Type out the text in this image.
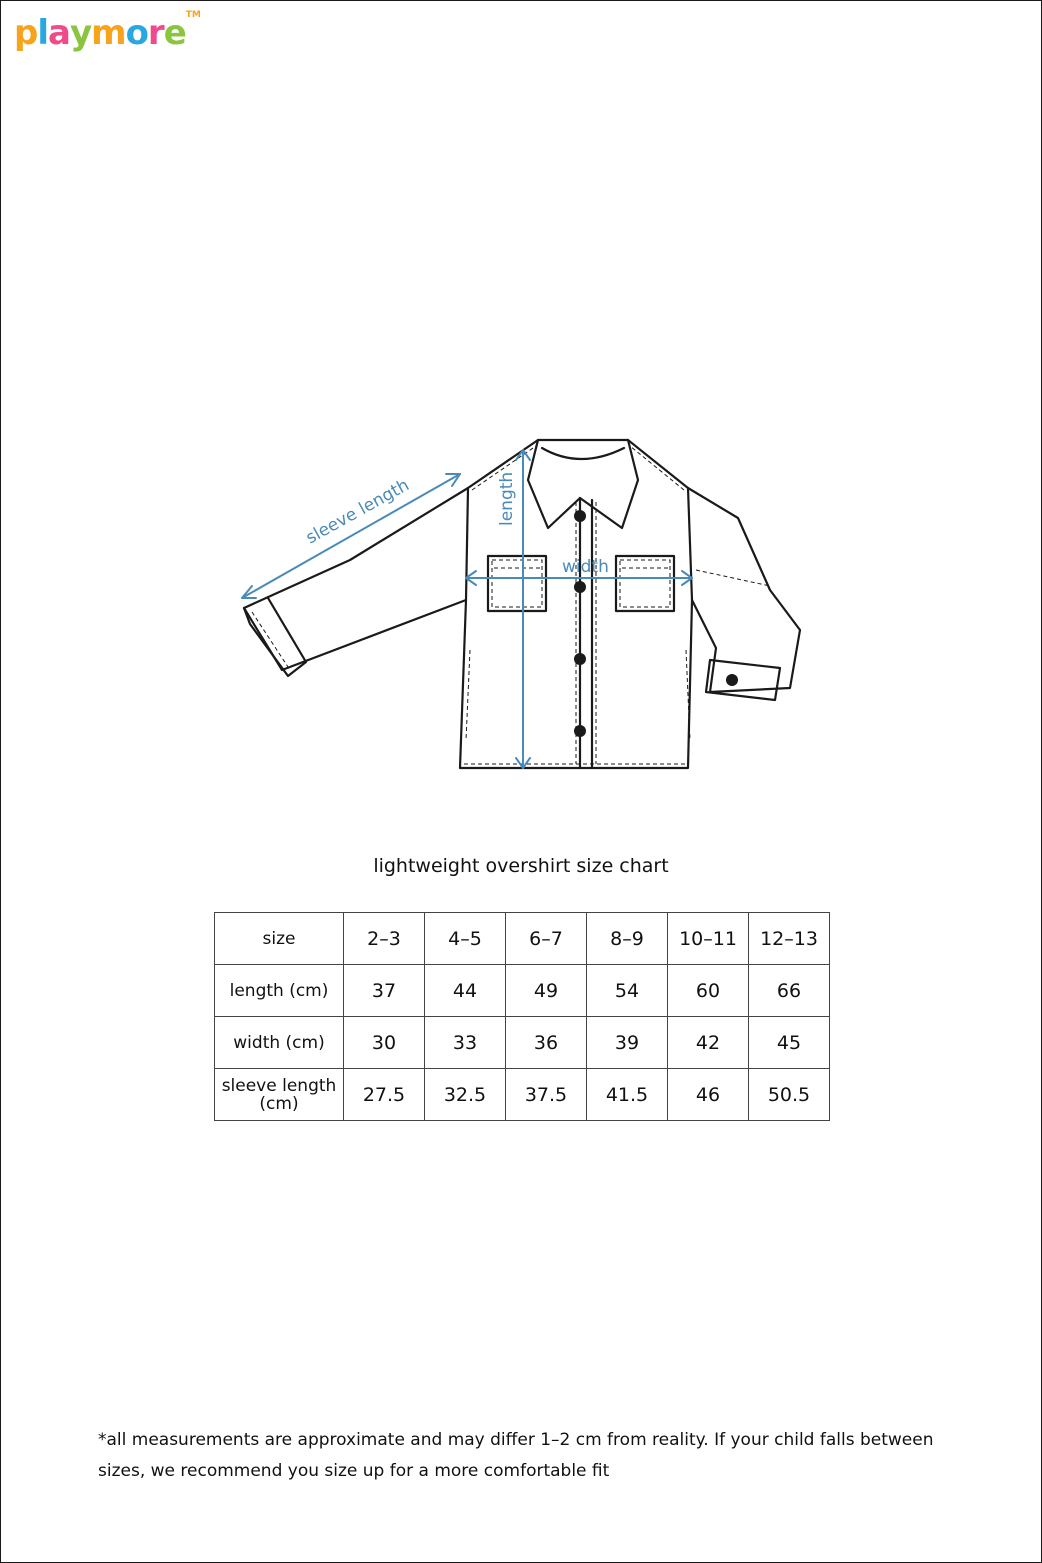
playmoreTM
sleeve length	length
width
lightweight overshirt size chart
size	2–3	4–5	6–7	8–9	10–11	12–13
length (cm)	37	44	49	54	60	66
width (cm)	30	33	36	39	42	45
sleeve length (cm)	27.5	32.5	37.5	41.5	46	50.5
*all measurements are approximate and may differ 1–2 cm from reality. If your child falls between sizes, we recommend you size up for a more comfortable fit
